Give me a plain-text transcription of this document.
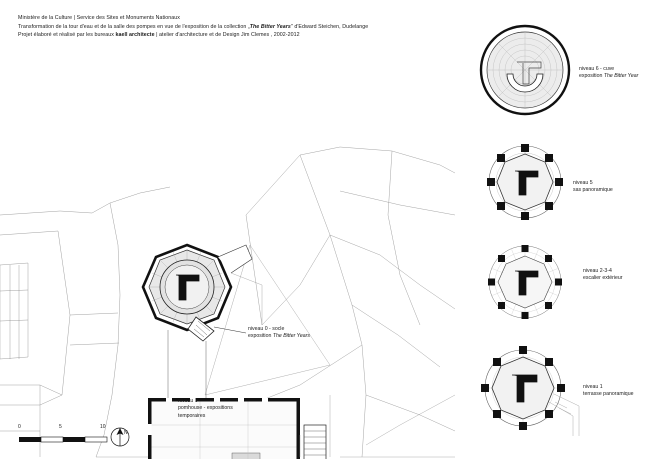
Ministère de la Culture | Service des Sites et Monuments Nationaux
Transformation de la tour d'eau et de la salle des pompes en vue de l'exposition de la collection „The Bitter Years" d'Edward Steichen, Dudelange
Projet élaboré et réalisé par les bureaux kaell architecte | atelier d'architecture et de Design Jim Clemes , 2002-2012
niveau 0 - socle
exposition The Bitter Years
niveau 0
pomhouse - expositions
temporaires
0	5	10
N
niveau 6 - cuve
exposition The Bitter Year
niveau 5
sas panoramique
niveau 2-3-4
escalier extérieur
niveau 1
terrasse panoramique
